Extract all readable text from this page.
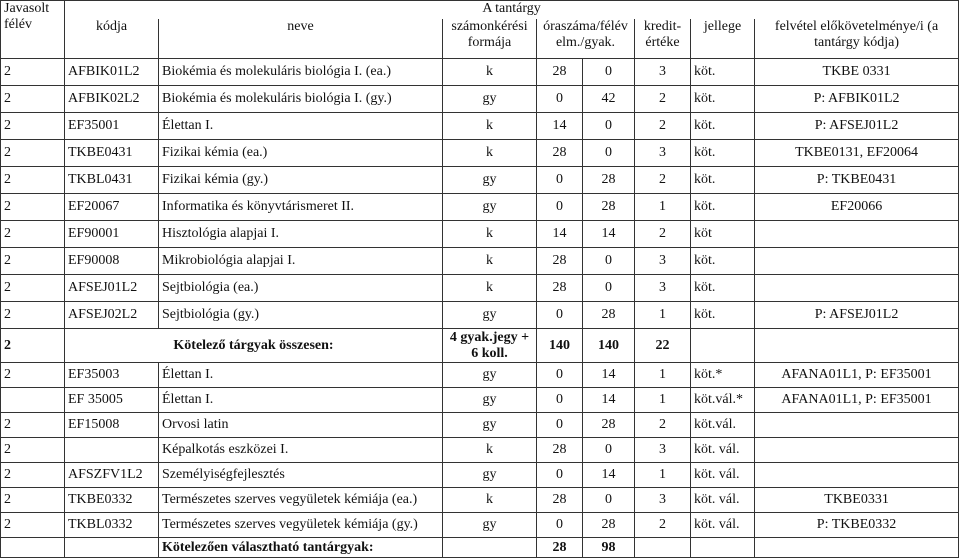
Javasolt félév	A tantárgy							
	kódja	neve	számonkérési formája	óraszáma/félév elm./gyak.		kredit-értéke	jellege	felvétel előkövetelménye/i (a tantárgy kódja)
2	AFBIK01L2	Biokémia és molekuláris biológia I. (ea.)	k	28	0	3	köt.	TKBE 0331
2	AFBIK02L2	Biokémia és molekuláris biológia I. (gy.)	gy	0	42	2	köt.	P: AFBIK01L2
2	EF35001	Élettan I.	k	14	0	2	köt.	P: AFSEJ01L2
2	TKBE0431	Fizikai kémia (ea.)	k	28	0	3	köt.	TKBE0131, EF20064
2	TKBL0431	Fizikai kémia (gy.)	gy	0	28	2	köt.	P: TKBE0431
2	EF20067	Informatika és könyvtárismeret II.	gy	0	28	1	köt.	EF20066
2	EF90001	Hisztológia alapjai I.	k	14	14	2	köt	
2	EF90008	Mikrobiológia alapjai I.	k	28	0	3	köt.	
2	AFSEJ01L2	Sejtbiológia (ea.)	k	28	0	3	köt.	
2	AFSEJ02L2	Sejtbiológia (gy.)	gy	0	28	1	köt.	P: AFSEJ01L2
2	Kötelező tárgyak összesen:		4 gyak.jegy + 6 koll.	140	140	22		
2	EF35003	Élettan I.	gy	0	14	1	köt.*	AFANA01L1, P: EF35001
	EF 35005	Élettan I.	gy	0	14	1	köt.vál.*	AFANA01L1, P: EF35001
2	EF15008	Orvosi latin	gy	0	28	2	köt.vál.	
2		Képalkotás eszközei I.	k	28	0	3	köt. vál.	
2	AFSZFV1L2	Személyiségfejlesztés	gy	0	14	1	köt. vál.	
2	TKBE0332	Természetes szerves vegyületek kémiája (ea.)	k	28	0	3	köt. vál.	TKBE0331
2	TKBL0332	Természetes szerves vegyületek kémiája (gy.)	gy	0	28	2	köt. vál.	P: TKBE0332
		Kötelezően választható tantárgyak:		28	98			
